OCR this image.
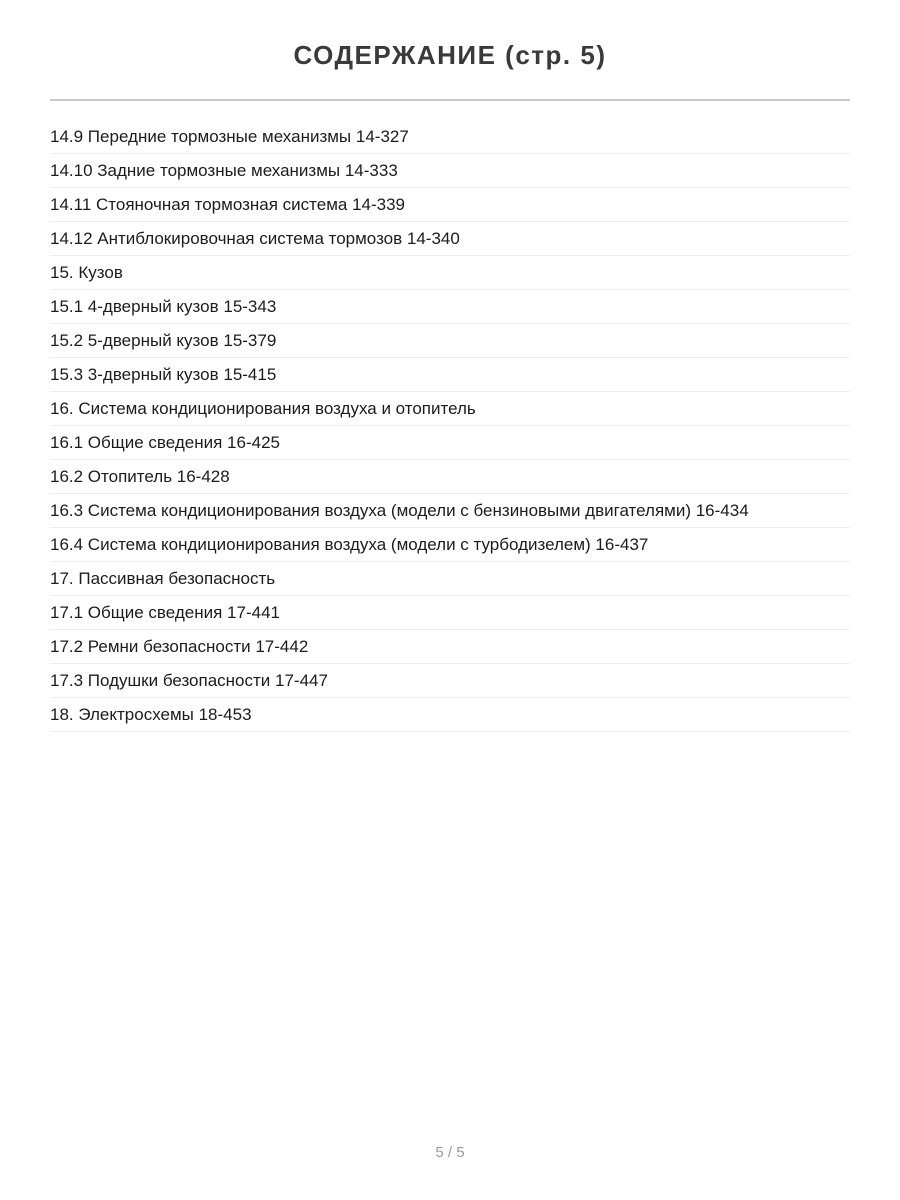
СОДЕРЖАНИЕ (стр. 5)
14.9 Передние тормозные механизмы 14-327
14.10 Задние тормозные механизмы 14-333
14.11 Стояночная тормозная система 14-339
14.12 Антиблокировочная система тормозов 14-340
15. Кузов
15.1 4-дверный кузов 15-343
15.2 5-дверный кузов 15-379
15.3 3-дверный кузов 15-415
16. Система кондиционирования воздуха и отопитель
16.1 Общие сведения 16-425
16.2 Отопитель 16-428
16.3 Система кондиционирования воздуха (модели с бензиновыми двигателями) 16-434
16.4 Система кондиционирования воздуха (модели с турбодизелем) 16-437
17. Пассивная безопасность
17.1 Общие сведения 17-441
17.2 Ремни безопасности 17-442
17.3 Подушки безопасности 17-447
18. Электросхемы 18-453
5 / 5
